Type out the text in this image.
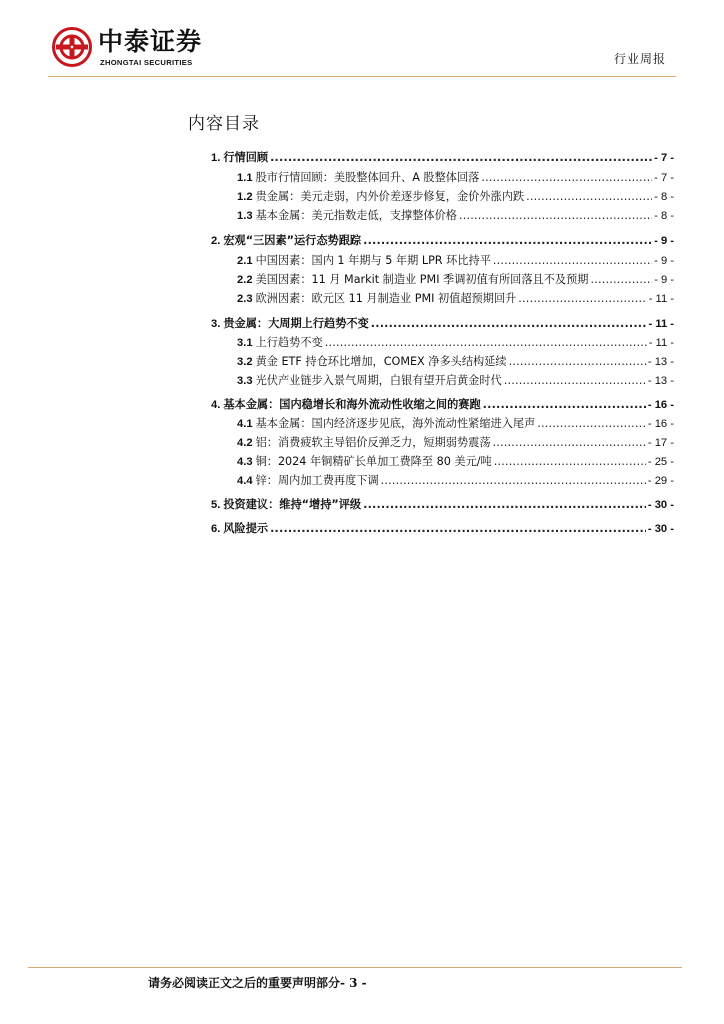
中泰证券
ZHONGTAI SECURITIES	行业周报
内容目录
1. 行情回顾 .....	- 7 -
1.1 股市行情回顾：美股整体回升、A 股整体回落 .....	- 7 -
1.2 贵金属：美元走弱，内外价差逐步修复，金价外涨内跌 .....	- 8 -
1.3 基本金属：美元指数走低，支撑整体价格 .....	- 8 -
2. 宏观“三因素”运行态势跟踪 .....	- 9 -
2.1 中国因素：国内 1 年期与 5 年期 LPR 环比持平 .....	- 9 -
2.2 美国因素：11 月 Markit 制造业 PMI 季调初值有所回落且不及预期 .....	- 9 -
2.3 欧洲因素：欧元区 11 月制造业 PMI 初值超预期回升 .....	- 11 -
3. 贵金属：大周期上行趋势不变 .....	- 11 -
3.1 上行趋势不变 .....	- 11 -
3.2 黄金 ETF 持仓环比增加，COMEX 净多头结构延续 .....	- 13 -
3.3 光伏产业链步入景气周期，白银有望开启黄金时代 .....	- 13 -
4. 基本金属：国内稳增长和海外流动性收缩之间的赛跑 .....	- 16 -
4.1 基本金属：国内经济逐步见底，海外流动性紧缩进入尾声 .....	- 16 -
4.2 铝：消费疲软主导铝价反弹乏力，短期弱势震荡 .....	- 17 -
4.3 铜：2024 年铜精矿长单加工费降至 80 美元/吨 .....	- 25 -
4.4 锌：周内加工费再度下调 .....	- 29 -
5. 投资建议：维持“增持”评级 .....	- 30 -
6. 风险提示 .....	- 30 -
请务必阅读正文之后的重要声明部分- 3 -
